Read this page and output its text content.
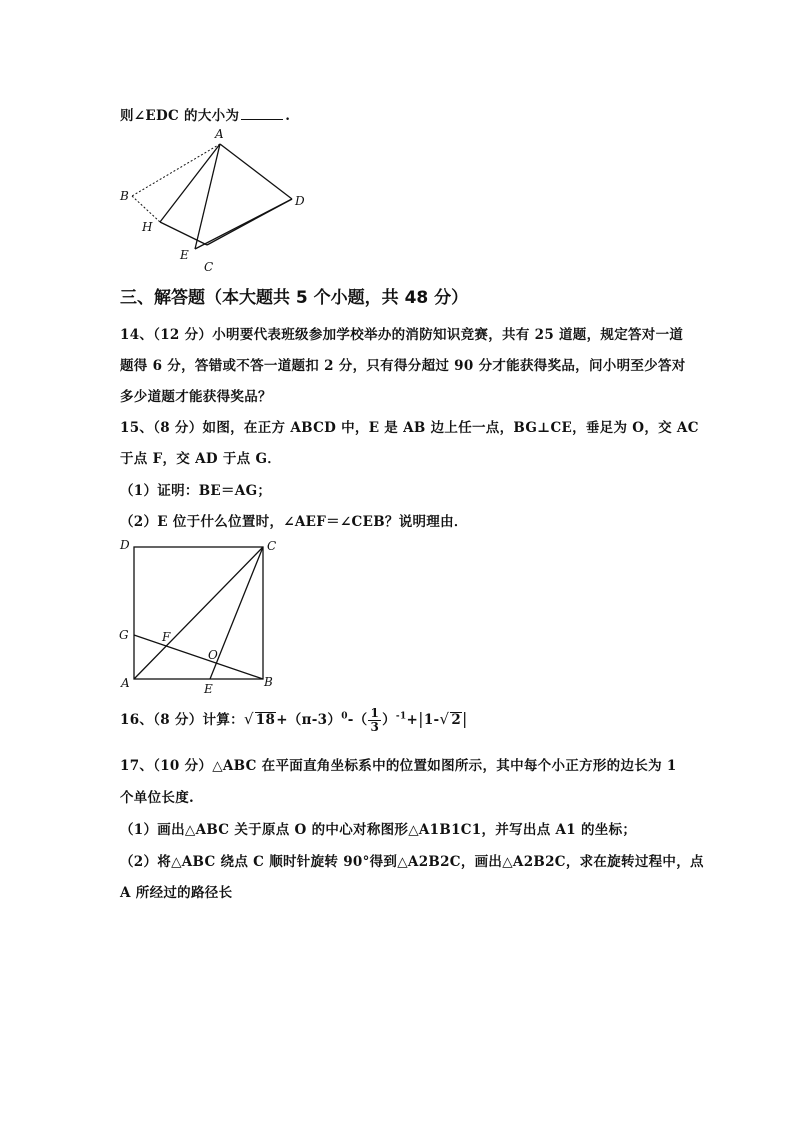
则∠EDC 的大小为	.
A
B
H
D
E
C
三、解答题（本大题共 5 个小题，共 48 分）
14、（12 分）小明要代表班级参加学校举办的消防知识竞赛，共有 25 道题，规定答对一道
题得 6 分，答错或不答一道题扣 2 分，只有得分超过 90 分才能获得奖品，问小明至少答对
多少道题才能获得奖品？
15、（8 分）如图，在正方 ABCD 中，E 是 AB 边上任一点，BG⊥CE，垂足为 O，交 AC
于点 F，交 AD 于点 G．
（1）证明：BE＝AG；
（2）E 位于什么位置时，∠AEF＝∠CEB？说明理由．
D	C
G	F
O
A	E	B
16、（8 分）计算：√ $18+(\pi-3)^0-( \frac{1}{3} )^{-1}+|1-√$ 2|
17、（10 分）△ABC 在平面直角坐标系中的位置如图所示，其中每个小正方形的边长为 1
个单位长度.
（1）画出△ABC 关于原点 O 的中心对称图形△A1B1C1，并写出点 A1 的坐标；
（2）将△ABC 绕点 C 顺时针旋转 90°得到△A2B2C，画出△A2B2C，求在旋转过程中，点
A 所经过的路径长
